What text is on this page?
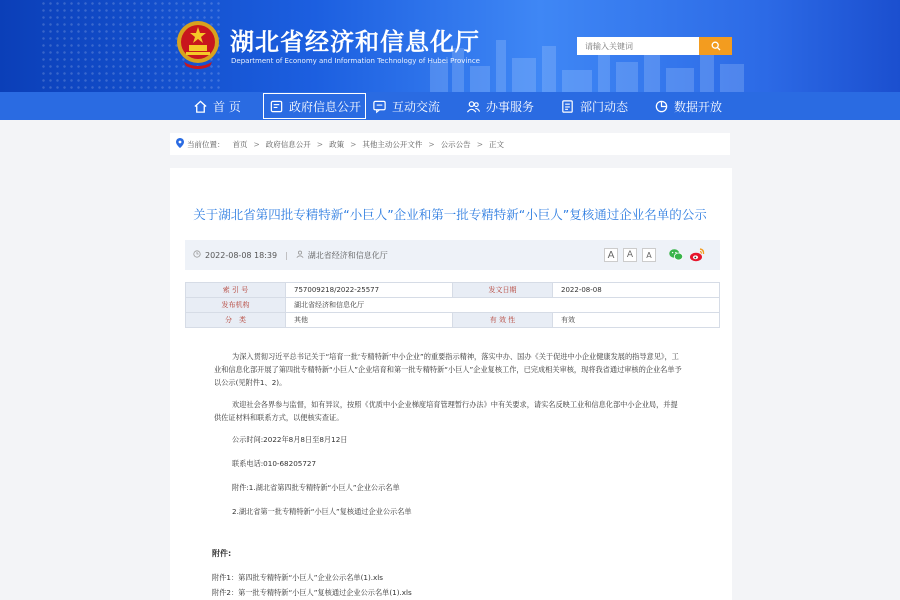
湖北省经济和信息化厅
Department of Economy and Information Technology of Hubei Province
请输入关键词
首 页	政府信息公开	互动交流	办事服务	部门动态	数据开放
当前位置： 首页 > 政府信息公开 > 政策 > 其他主动公开文件 > 公示公告 > 正文
关于湖北省第四批专精特新“小巨人”企业和第一批专精特新“小巨人”复核通过企业名单的公示
2022-08-08 18:39 |	湖北省经济和信息化厅	A	A	A
索 引 号	757009218/2022-25577	发文日期	2022-08-08
发布机构	湖北省经济和信息化厅		
分　类	其他	有 效 性	有效

为深入贯彻习近平总书记关于“培育一批‘专精特新’中小企业”的重要指示精神，落实中办、国办《关于促进中小企业健康发展的指导意见》，工业和信息化部开展了第四批专精特新“小巨人”企业培育和第一批专精特新“小巨人”企业复核工作，已完成相关审核，现将我省通过审核的企业名单予以公示(见附件1、2)。

欢迎社会各界参与监督，如有异议，按照《优质中小企业梯度培育管理暂行办法》中有关要求，请实名反映工业和信息化部中小企业局，并提供佐证材料和联系方式，以便核实查证。

公示时间:2022年8月8日至8月12日

联系电话:010-68205727

附件:1.湖北省第四批专精特新“小巨人”企业公示名单

2.湖北省第一批专精特新“小巨人”复核通过企业公示名单

附件:
附件1：第四批专精特新“小巨人”企业公示名单(1).xls
附件2：第一批专精特新“小巨人”复核通过企业公示名单(1).xls
